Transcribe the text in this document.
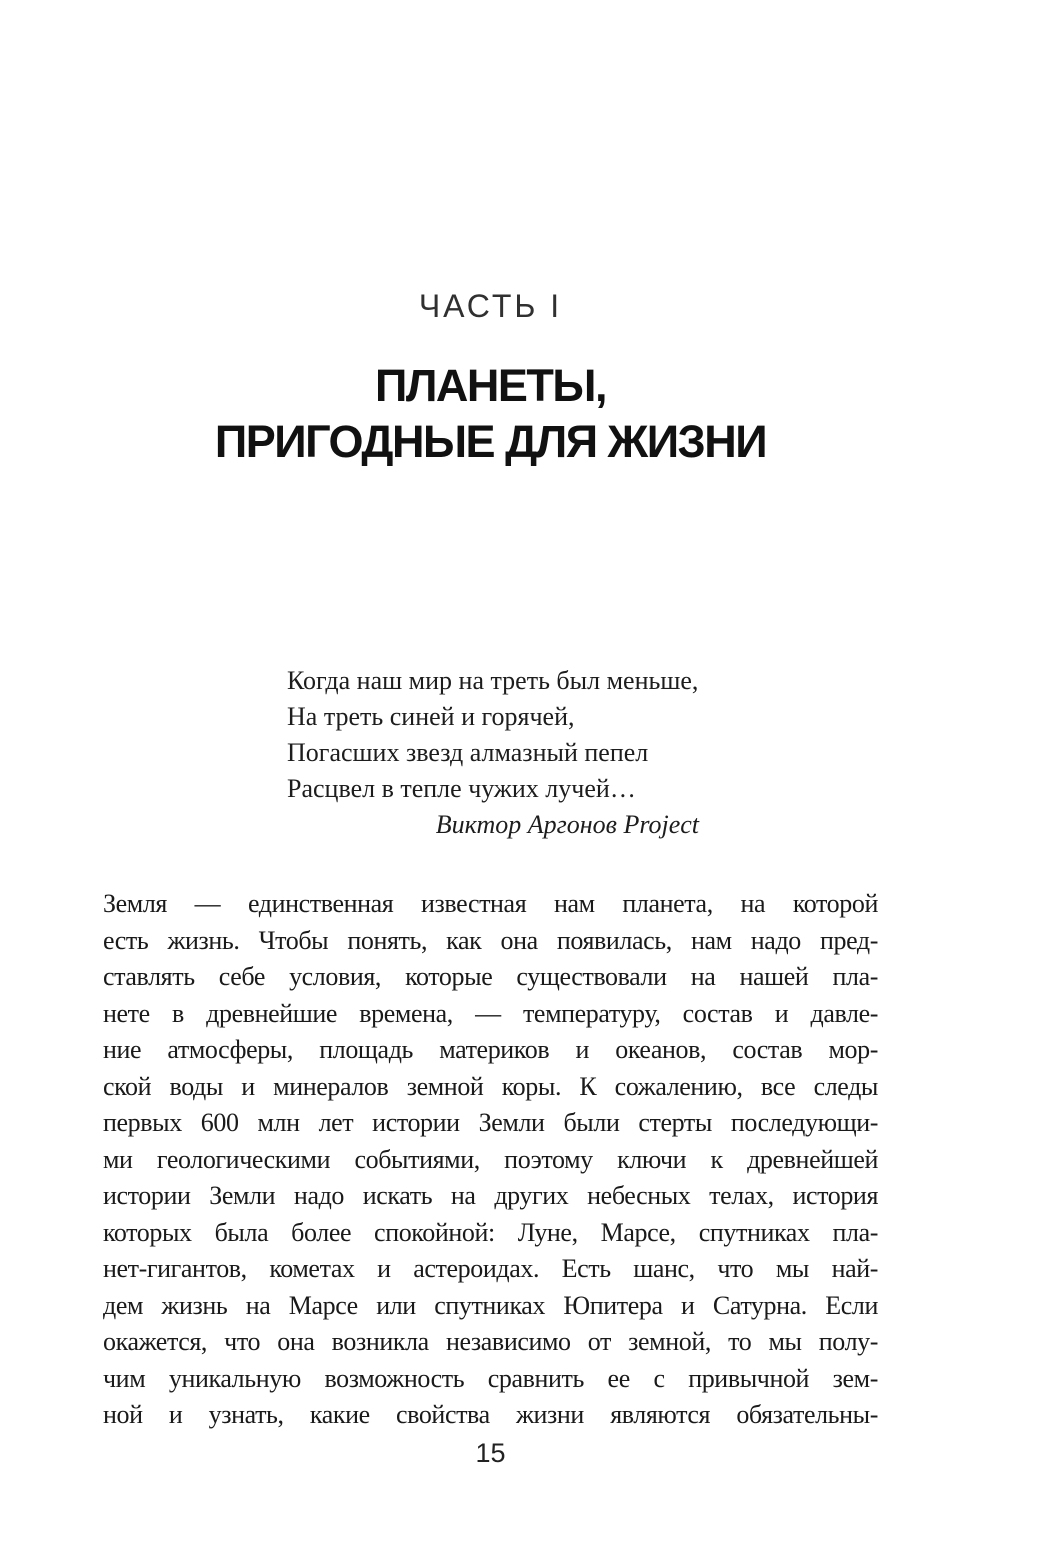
ЧАСТЬ I
ПЛАНЕТЫ,
ПРИГОДНЫЕ ДЛЯ ЖИЗНИ
Когда наш мир на треть был меньше,
На треть синей и горячей,
Погасших звезд алмазный пепел
Расцвел в тепле чужих лучей…
Виктор Аргонов Project
Земля — единственная известная нам планета, на которой
есть жизнь. Чтобы понять, как она появилась, нам надо пред-
ставлять себе условия, которые существовали на нашей пла-
нете в древнейшие времена, — температуру, состав и давле-
ние атмосферы, площадь материков и океанов, состав мор-
ской воды и минералов земной коры. К сожалению, все следы
первых 600 млн лет истории Земли были стерты последующи-
ми геологическими событиями, поэтому ключи к древнейшей
истории Земли надо искать на других небесных телах, история
которых была более спокойной: Луне, Марсе, спутниках пла-
нет-гигантов, кометах и астероидах. Есть шанс, что мы най-
дем жизнь на Марсе или спутниках Юпитера и Сатурна. Если
окажется, что она возникла независимо от земной, то мы полу-
чим уникальную возможность сравнить ее с привычной зем-
ной и узнать, какие свойства жизни являются обязательны-
15
